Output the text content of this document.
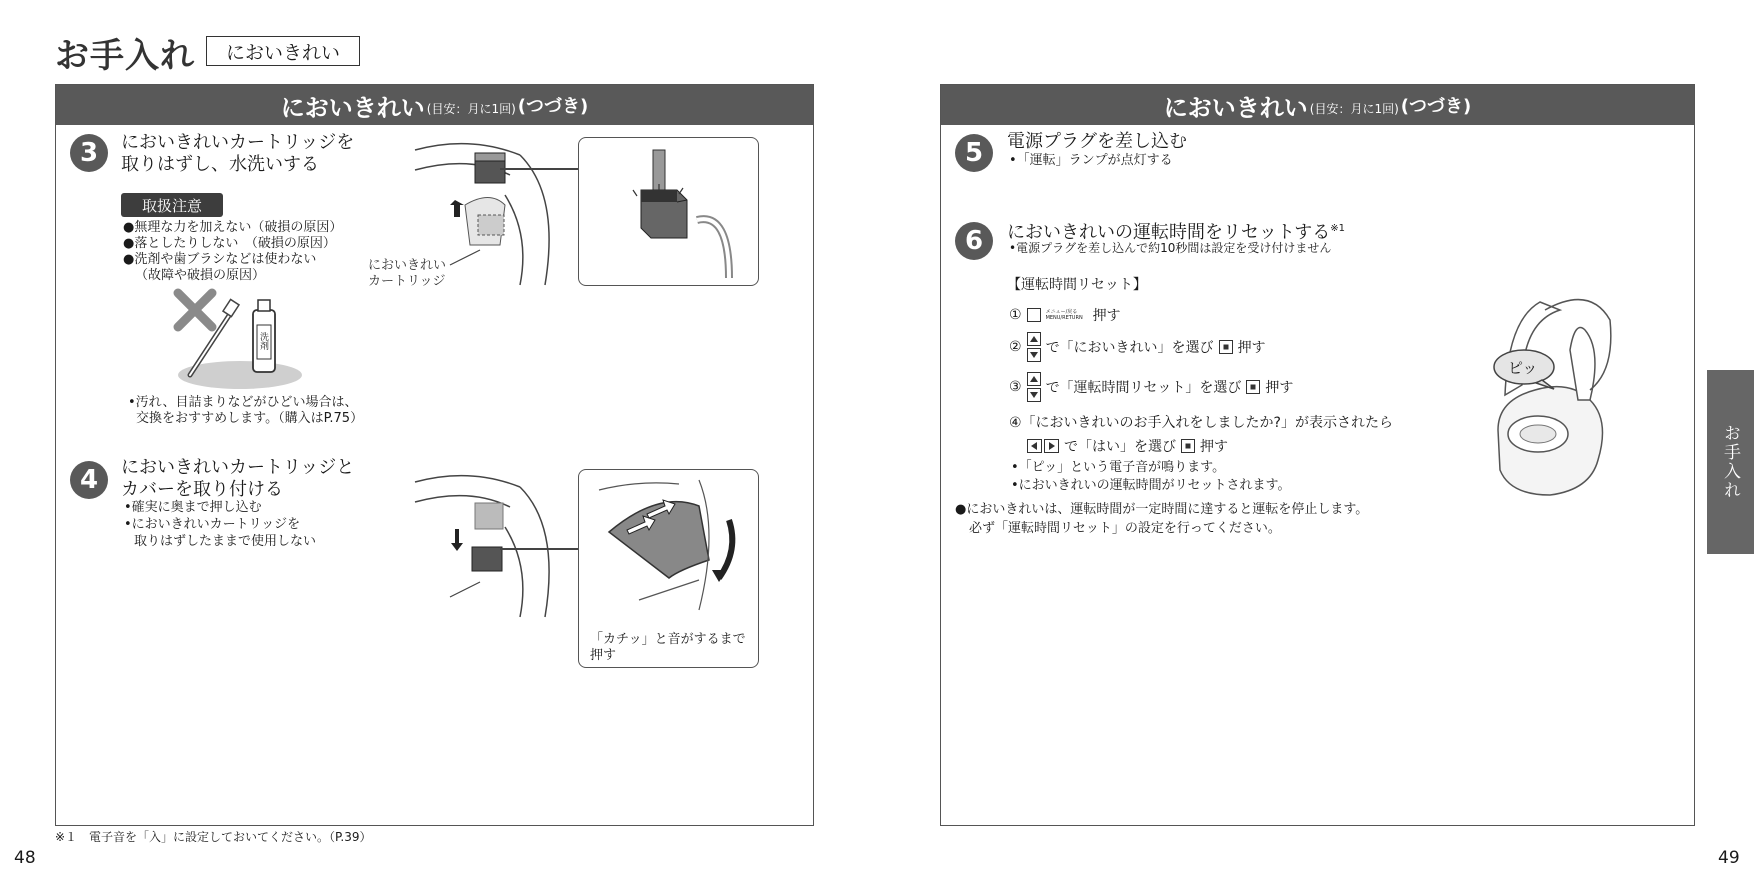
お手入れ	においきれい
においきれい (目安：月に1回) (つづき)
3	においきれいカートリッジを
取りはずし、水洗いする
取扱注意
●無理な力を加えない（破損の原因）
●落としたりしない　（破損の原因）
●洗剤や歯ブラシなどは使わない
（故障や破損の原因）
洗剤
•汚れ、目詰まりなどがひどい場合は、
交換をおすすめします。（購入はP.75）
においきれい
カートリッジ
4	においきれいカートリッジと
カバーを取り付ける
•確実に奥まで押し込む
•においきれいカートリッジを
取りはずしたままで使用しない
「カチッ」と音がするまで
押す
※１　電子音を「入」に設定しておいてください。（P.39）
48
においきれい (目安：月に1回) (つづき)
5	電源プラグを差し込む
•「運転」ランプが点灯する
6	においきれいの運転時間をリセットする$^{※1}$
•電源プラグを差し込んで約10秒間は設定を受け付けません
【運転時間リセット】
①	メニュー/戻る MENU/RETURN 押す
② で「においきれい」を選び 押す
③ で「運転時間リセット」を選び 押す
④「においきれいのお手入れをしましたか?」が表示されたら
で「はい」を選び 押す
•「ピッ」という電子音が鳴ります。
•においきれいの運転時間がリセットされます。
●においきれいは、運転時間が一定時間に達すると運転を停止します。
必ず「運転時間リセット」の設定を行ってください。
ピッ
お手入れ
49
